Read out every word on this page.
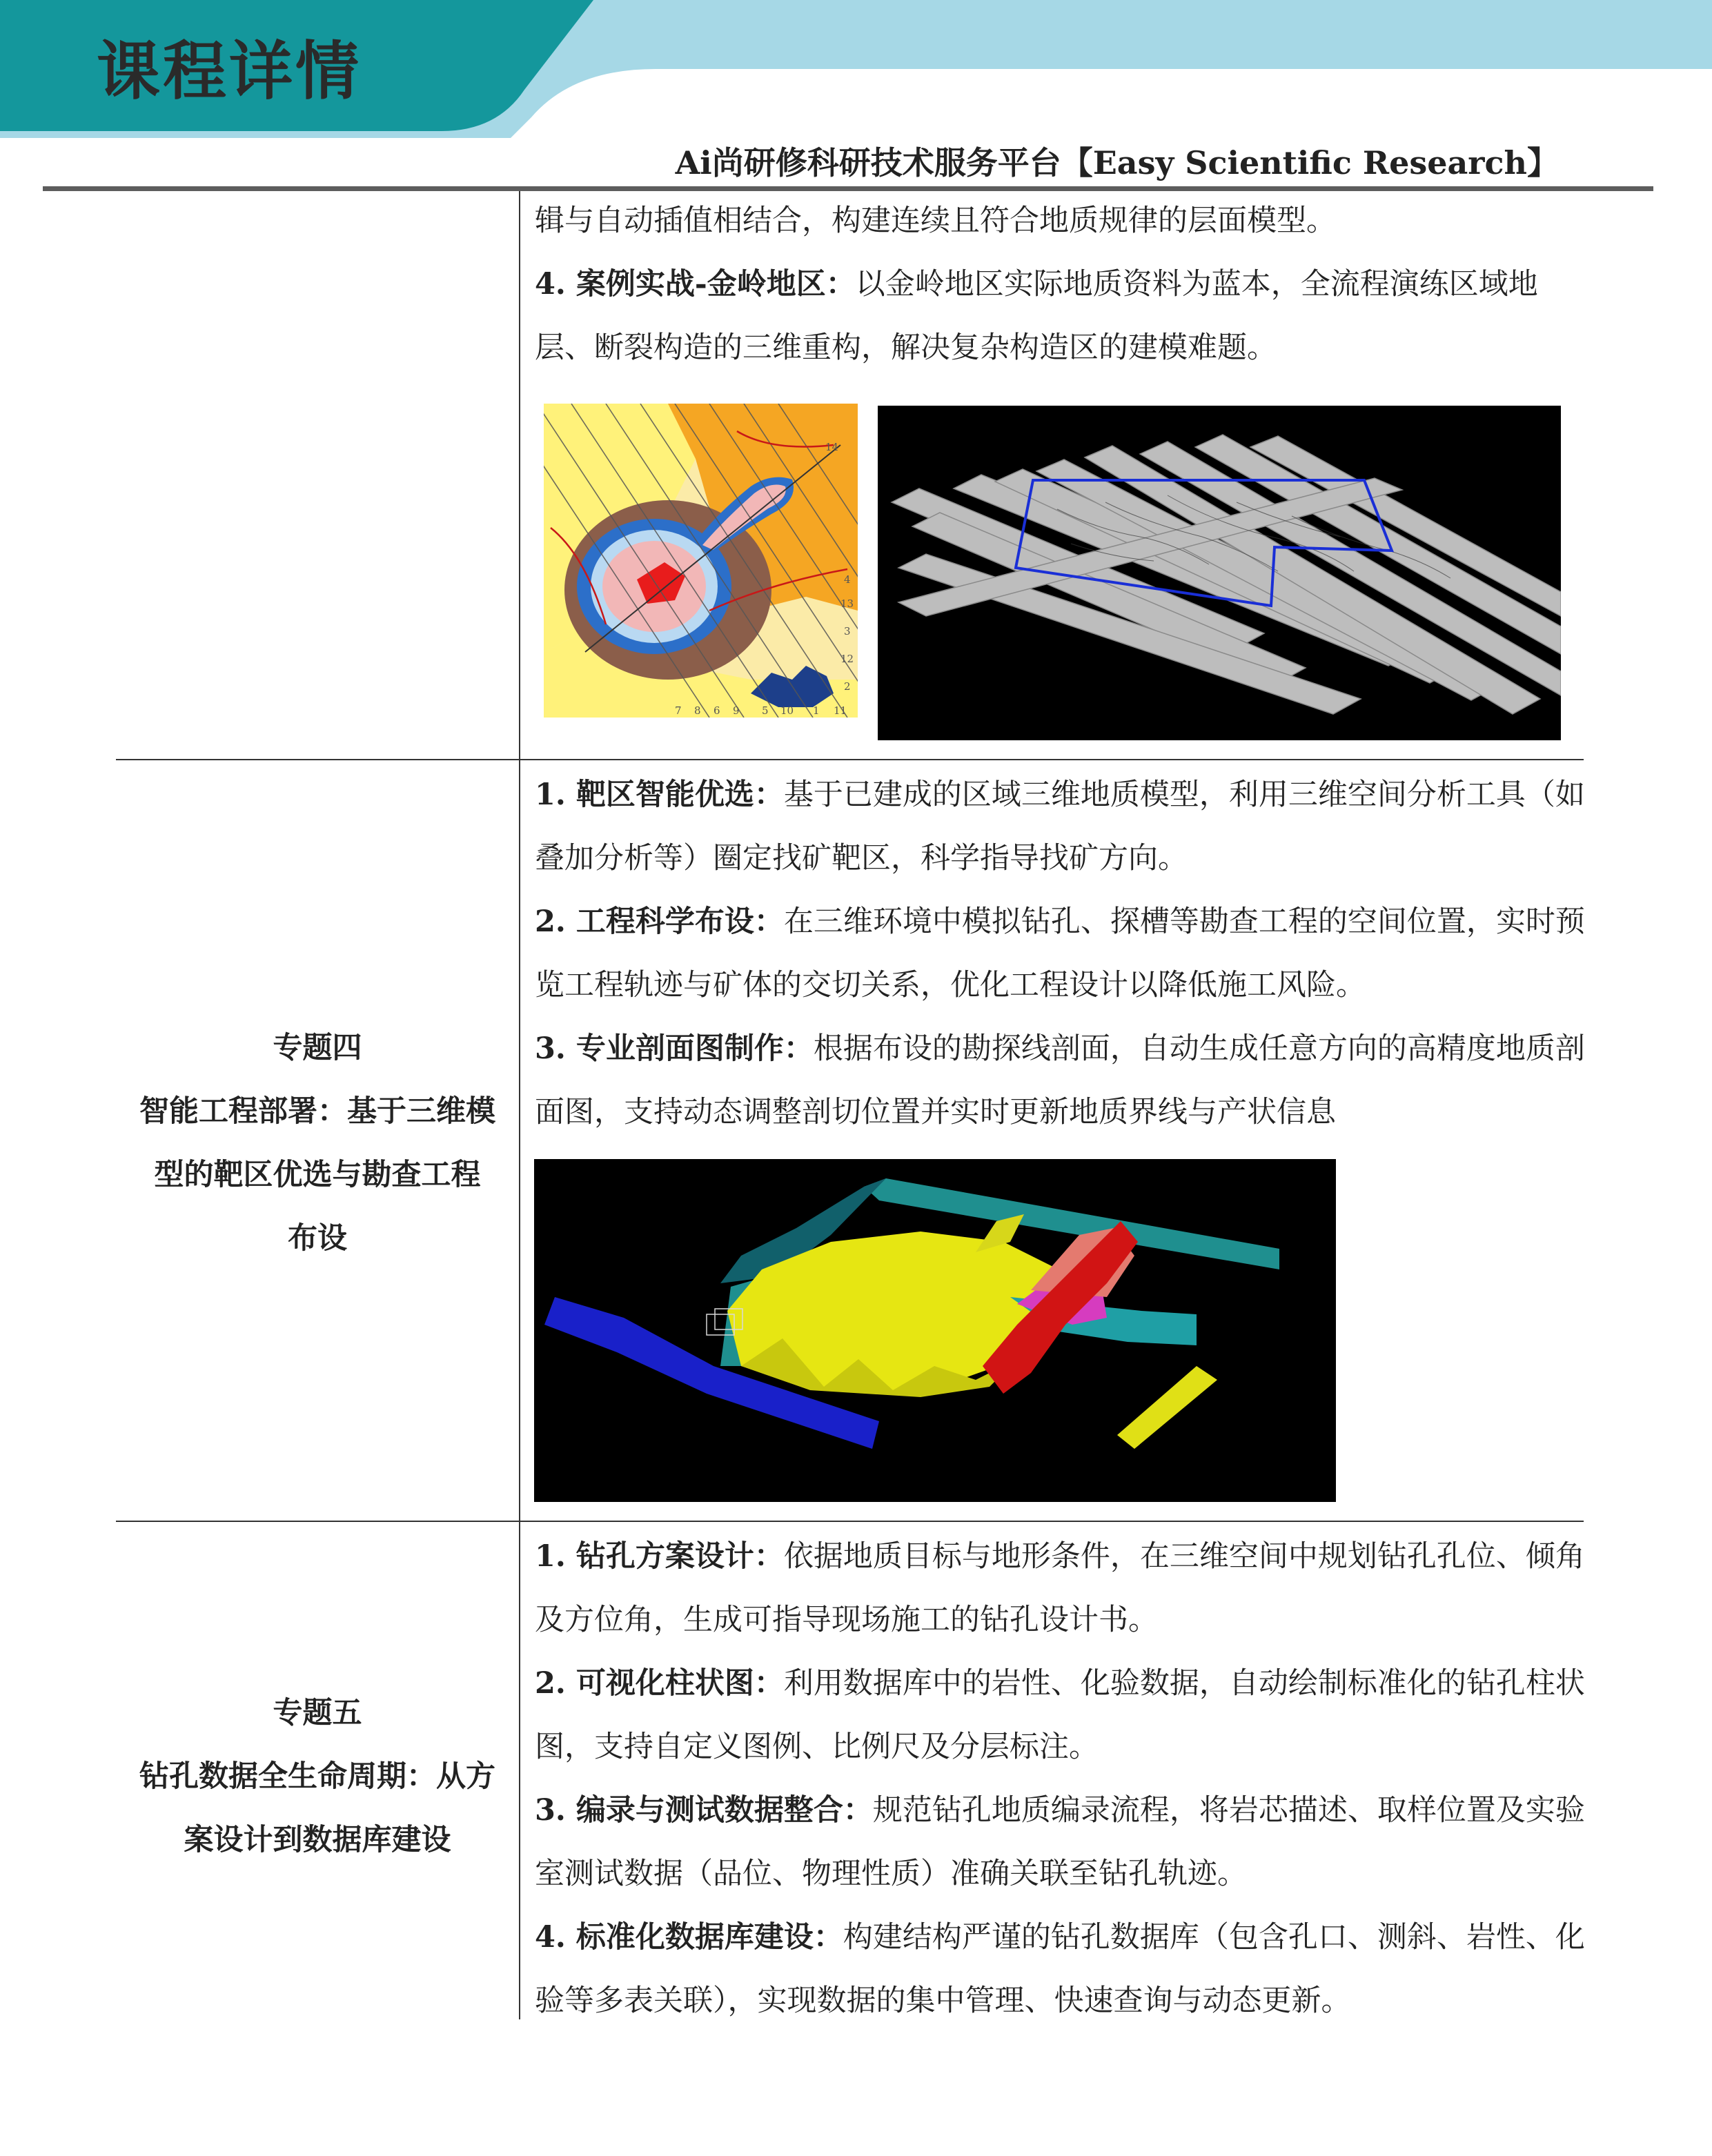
课程详情
Ai尚研修科研技术服务平台【Easy Scientific Research】

辑与自动插值相结合，构建连续且符合地质规律的层面模型。

4. 案例实战-金岭地区：以金岭地区实际地质资料为蓝本，全流程演练区域地层、断裂构造的三维重构，解决复杂构造区的建模难题。

14
4
13
3
12
2
7 8 6 9 5 10 1 11
专题四
智能工程部署：基于三维模
型的靶区优选与勘查工程
布设

1. 靶区智能优选：基于已建成的区域三维地质模型，利用三维空间分析工具（如叠加分析等）圈定找矿靶区，科学指导找矿方向。

2. 工程科学布设：在三维环境中模拟钻孔、探槽等勘查工程的空间位置，实时预览工程轨迹与矿体的交切关系，优化工程设计以降低施工风险。

3. 专业剖面图制作：根据布设的勘探线剖面，自动生成任意方向的高精度地质剖面图，支持动态调整剖切位置并实时更新地质界线与产状信息

专题五
钻孔数据全生命周期：从方
案设计到数据库建设

1. 钻孔方案设计：依据地质目标与地形条件，在三维空间中规划钻孔孔位、倾角及方位角，生成可指导现场施工的钻孔设计书。

2. 可视化柱状图：利用数据库中的岩性、化验数据，自动绘制标准化的钻孔柱状图，支持自定义图例、比例尺及分层标注。

3. 编录与测试数据整合：规范钻孔地质编录流程，将岩芯描述、取样位置及实验室测试数据（品位、物理性质）准确关联至钻孔轨迹。

4. 标准化数据库建设：构建结构严谨的钻孔数据库（包含孔口、测斜、岩性、化验等多表关联），实现数据的集中管理、快速查询与动态更新。
